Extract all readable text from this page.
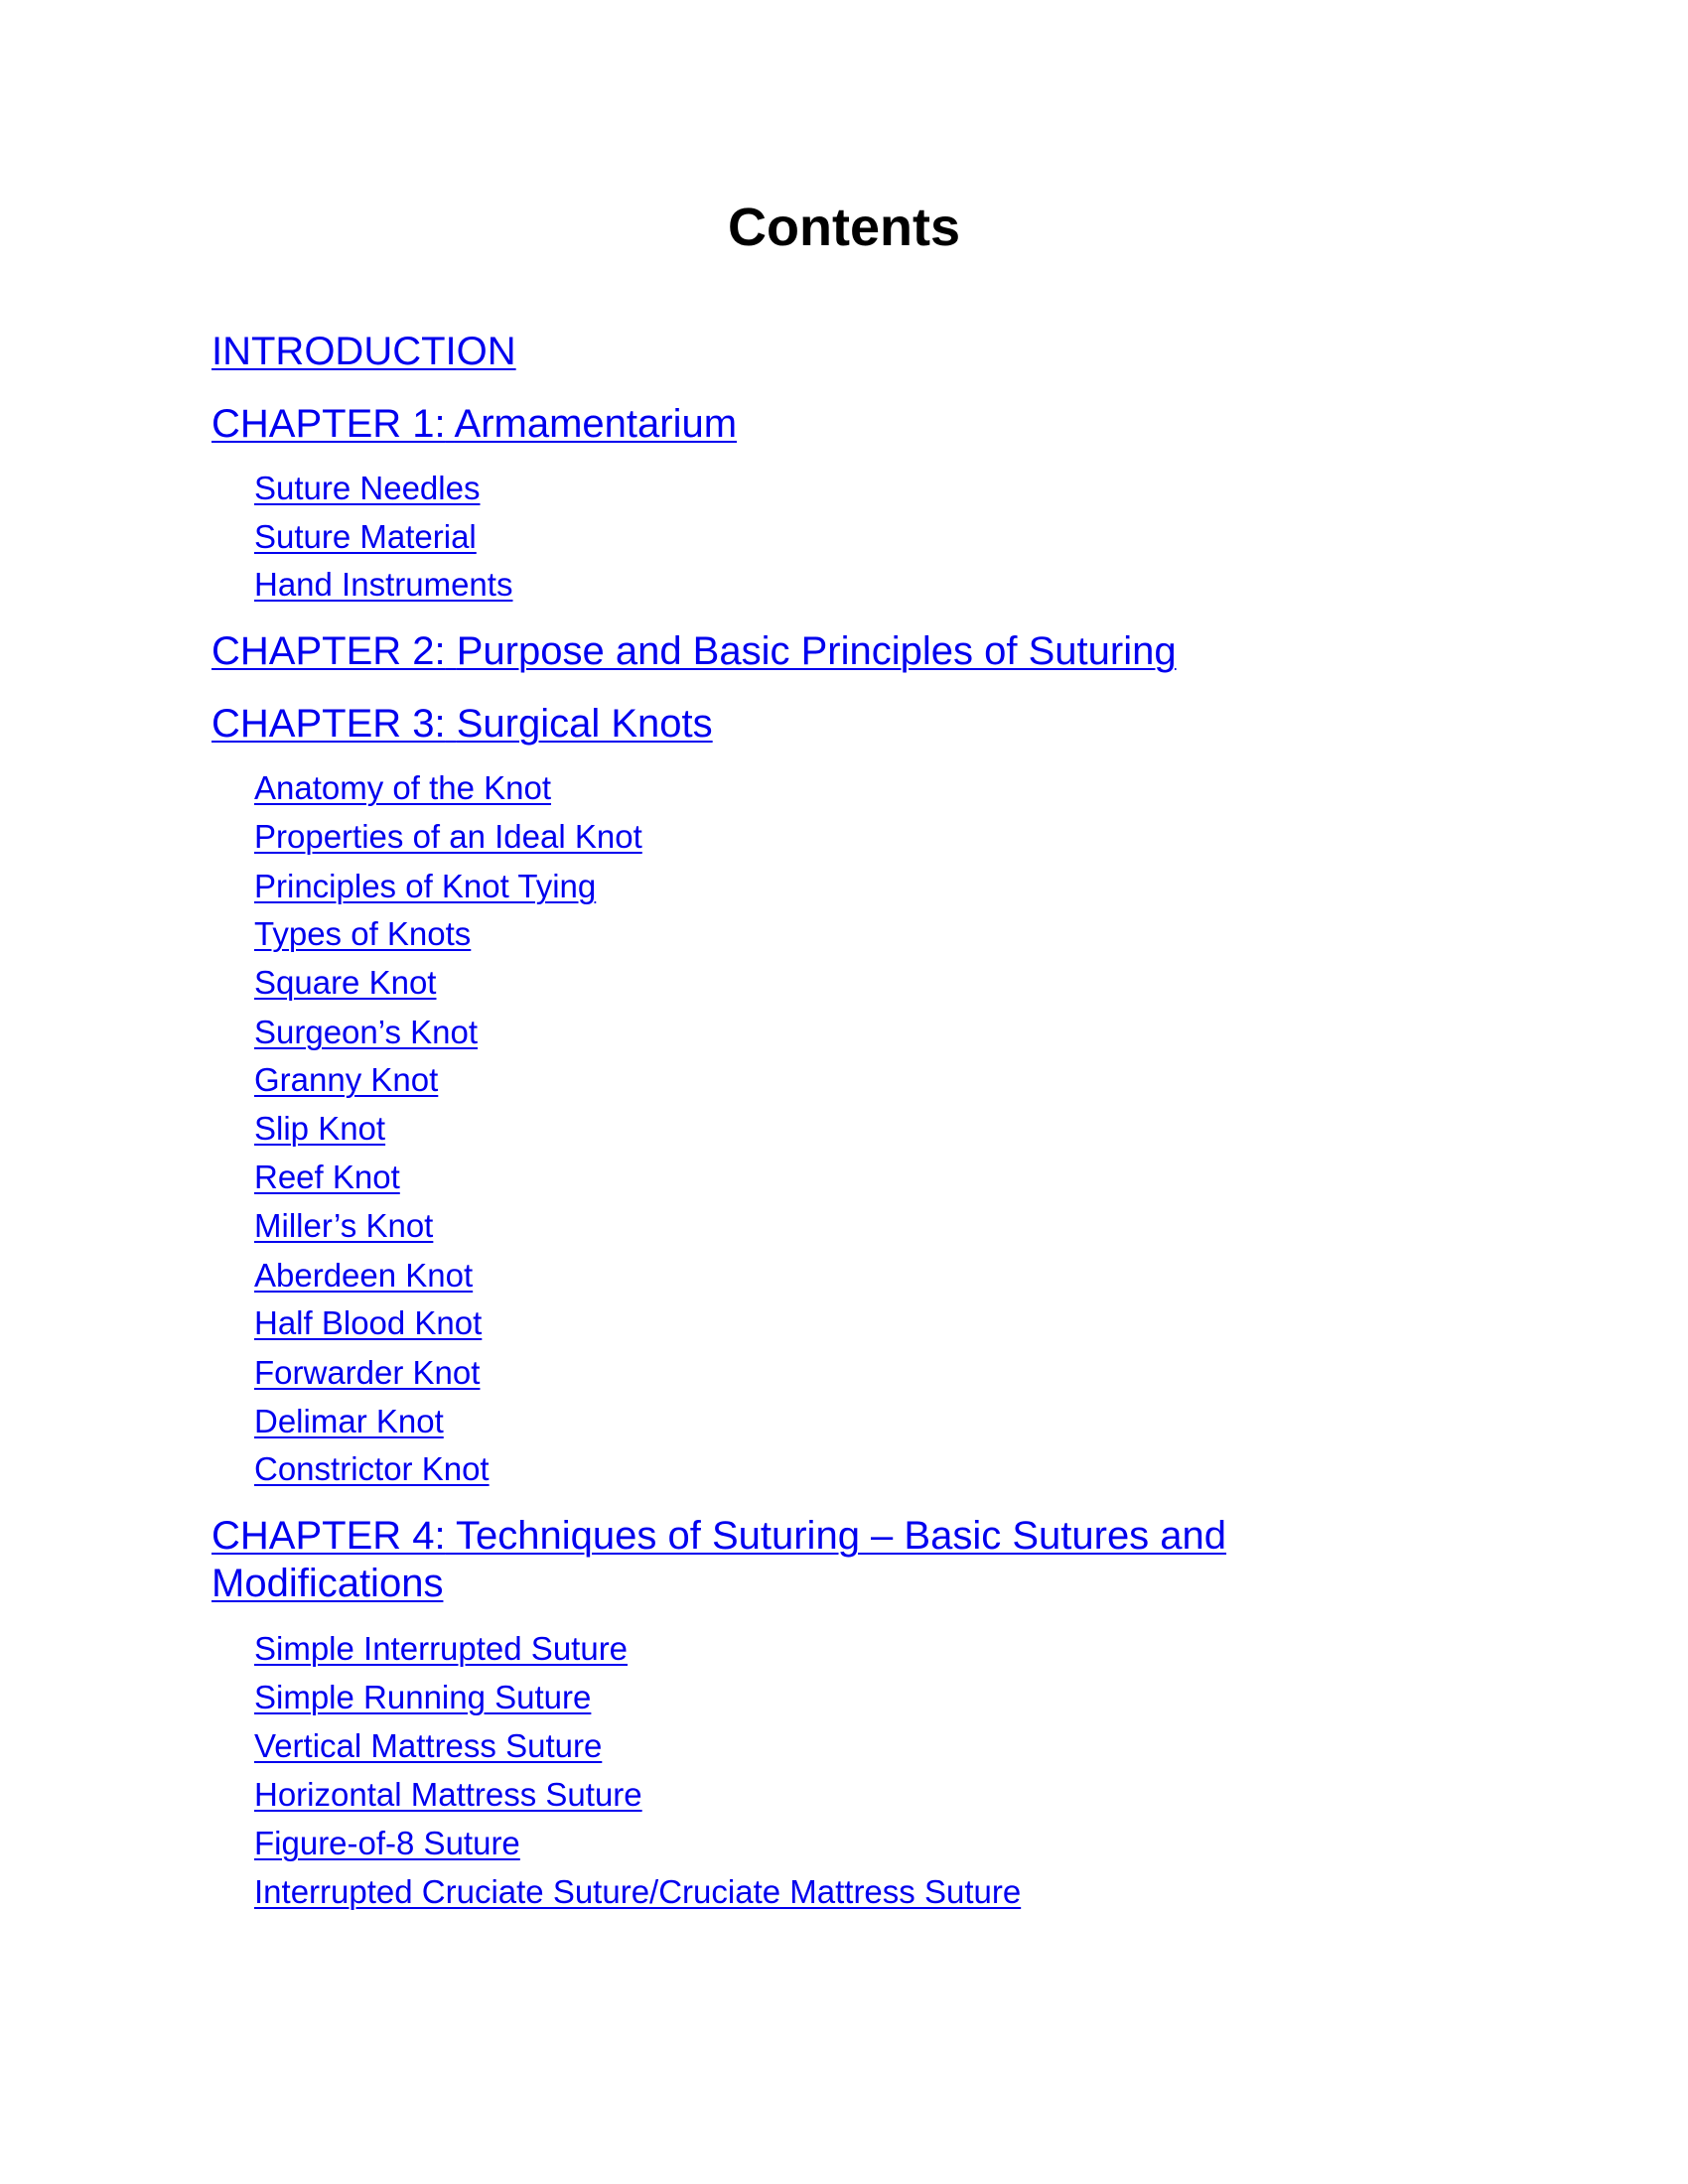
Contents
INTRODUCTION
CHAPTER 1: Armamentarium
Suture Needles
Suture Material
Hand Instruments
CHAPTER 2: Purpose and Basic Principles of Suturing
CHAPTER 3: Surgical Knots
Anatomy of the Knot
Properties of an Ideal Knot
Principles of Knot Tying
Types of Knots
Square Knot
Surgeon’s Knot
Granny Knot
Slip Knot
Reef Knot
Miller’s Knot
Aberdeen Knot
Half Blood Knot
Forwarder Knot
Delimar Knot
Constrictor Knot
CHAPTER 4: Techniques of Suturing – Basic Sutures and
Modifications
Simple Interrupted Suture
Simple Running Suture
Vertical Mattress Suture
Horizontal Mattress Suture
Figure-of-8 Suture
Interrupted Cruciate Suture/Cruciate Mattress Suture
